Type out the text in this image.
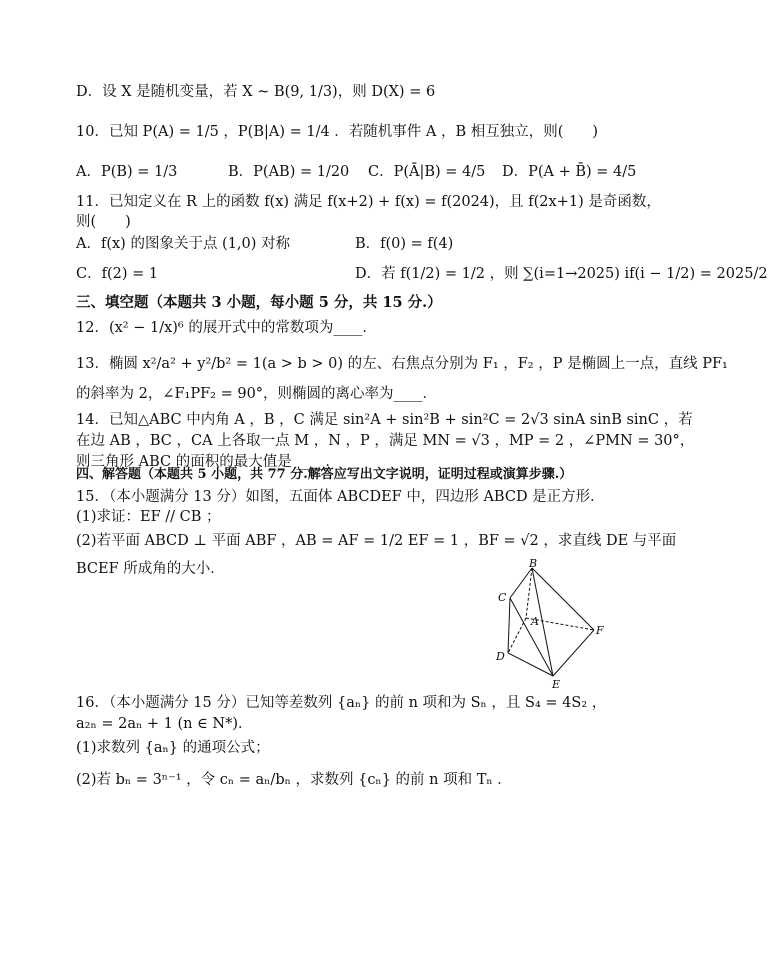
D．设 X 是随机变量，若 X ~ B(9, 1/3)，则 D(X) = 6
10．已知 P(A) = 1/5 ，P(B|A) = 1/4 ．若随机事件 A ，B 相互独立，则(　　)
A．P(B) = 1/3	B．P(AB) = 1/20 C．P(Ā|B) = 4/5 D．P(A + B̄) = 4/5
11．已知定义在 R 上的函数 f(x) 满足 f(x+2) + f(x) = f(2024)，且 f(2x+1) 是奇函数，
则(　　)
A．f(x) 的图象关于点 (1,0) 对称	B．f(0) = f(4)
C．f(2) = 1	D．若 f(1/2) = 1/2 ，则 ∑(i=1→2025) if(i − 1/2) = 2025/2
三、填空题（本题共 3 小题，每小题 5 分，共 15 分.）
12．(x² − 1/x)⁶ 的展开式中的常数项为____．
13．椭圆 x²/a² + y²/b² = 1(a > b > 0) 的左、右焦点分别为 F₁ ，F₂ ，P 是椭圆上一点，直线 PF₁
的斜率为 2，∠F₁PF₂ = 90°，则椭圆的离心率为____．
14．已知△ABC 中内角 A ，B ，C 满足 sin²A + sin²B + sin²C = 2√3 sinA sinB sinC ，若
在边 AB ，BC ，CA 上各取一点 M ，N ，P ，满足 MN = √3 ，MP = 2 ，∠PMN = 30°，
则三角形 ABC 的面积的最大值是 ____．
四、解答题（本题共 5 小题，共 77 分.解答应写出文字说明，证明过程或演算步骤.）
15．（本小题满分 13 分）如图，五面体 ABCDEF 中，四边形 ABCD 是正方形．
(1)求证：EF // CB ；
(2)若平面 ABCD ⊥ 平面 ABF ，AB = AF = 1/2 EF = 1 ，BF = √2 ，求直线 DE 与平面
BCEF 所成角的大小．	B
C
A
F
D
E
16．（本小题满分 15 分）已知等差数列 {aₙ} 的前 n 项和为 Sₙ ，且 S₄ = 4S₂ ，
a₂ₙ = 2aₙ + 1 (n ∈ N*)．
(1)求数列 {aₙ} 的通项公式；
(2)若 bₙ = 3ⁿ⁻¹ ，令 cₙ = aₙ/bₙ ，求数列 {cₙ} 的前 n 项和 Tₙ ．
